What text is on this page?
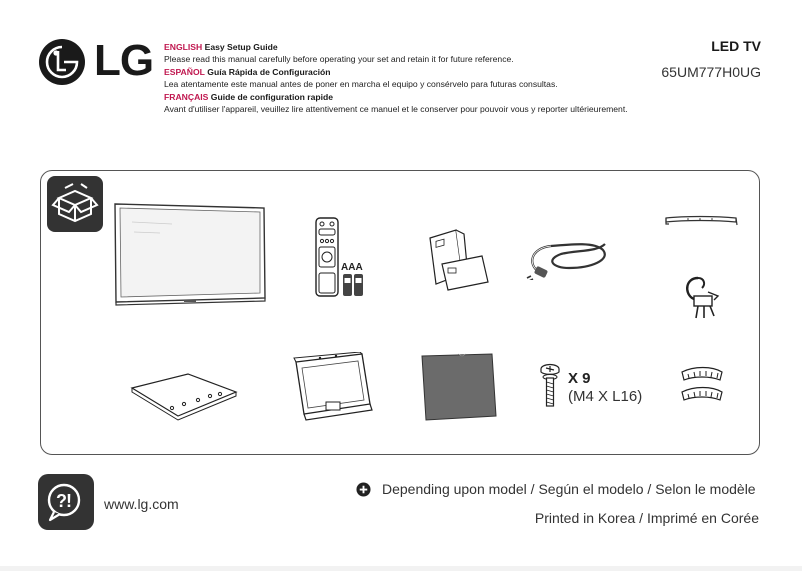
LG ENGLISH Easy Setup Guide
Please read this manual carefully before operating your set and retain it for future reference.
ESPAÑOL Guía Rápida de Configuración
Lea atentamente este manual antes de poner en marcha el equipo y consérvelo para futuras consultas.
FRANÇAIS Guide de configuration rapide
Avant d'utiliser l'appareil, veuillez lire attentivement ce manuel et le conserver pour pouvoir vous y reporter ultérieurement.
LED TV
65UM777H0UG
AAA
X 9
(M4 X L16)
? ! www.lg.com
Depending upon model / Según el modelo / Selon le modèle
Printed in Korea / Imprimé en Corée
